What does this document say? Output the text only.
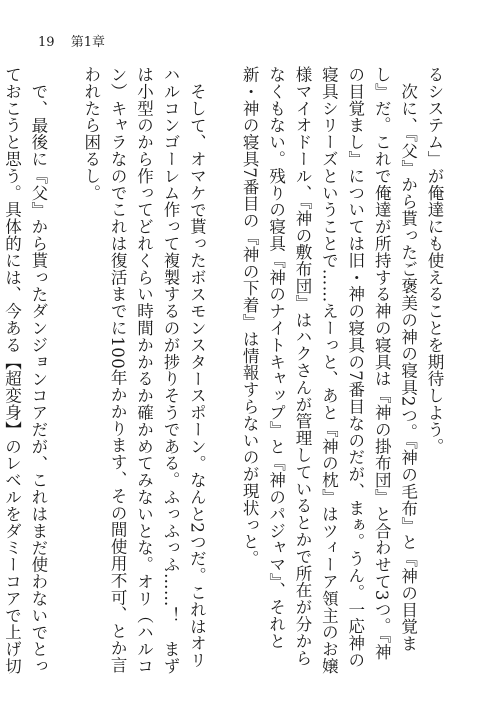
19 第1章

るシステム」が俺達にも使えることを期待しよう。

次に、『父』から貰ったご褒美の神の寝具2つ。『神の毛布』と『神の目覚まし』だ。これで俺達が所持する神の寝具は『神の掛布団』と合わせて3つ。『神の目覚まし』については旧・神の寝具の7番目なのだが、まぁ。うん。一応神の寝具シリーズということで……えーっと、あと『神の枕』はツィーア領主のお嬢様マイオドール、『神の敷布団』はハクさんが管理しているとかで所在が分からなくもない。残りの寝具『神のナイトキャップ』と『神のパジャマ』、それと新・神の寝具7番目の『神の下着』は情報すらないのが現状っと。

そして、オマケで貰ったボスモンスタースポーン。なんと2つだ。これはオリハルコンゴーレム作って複製するのが捗りそうである。ふっふっふ……！　まずは小型のから作ってどれくらい時間かかるか確かめてみないとな。オリ（ハルコン）キャラなのでこれは復活までに100年かかります、その間使用不可、とか言われたら困るし。

で、最後に『父』から貰ったダンジョンコアだが、これはまだ使わないでとっておこうと思う。具体的には、今ある【超変身】のレベルをダミーコアで上げ切
